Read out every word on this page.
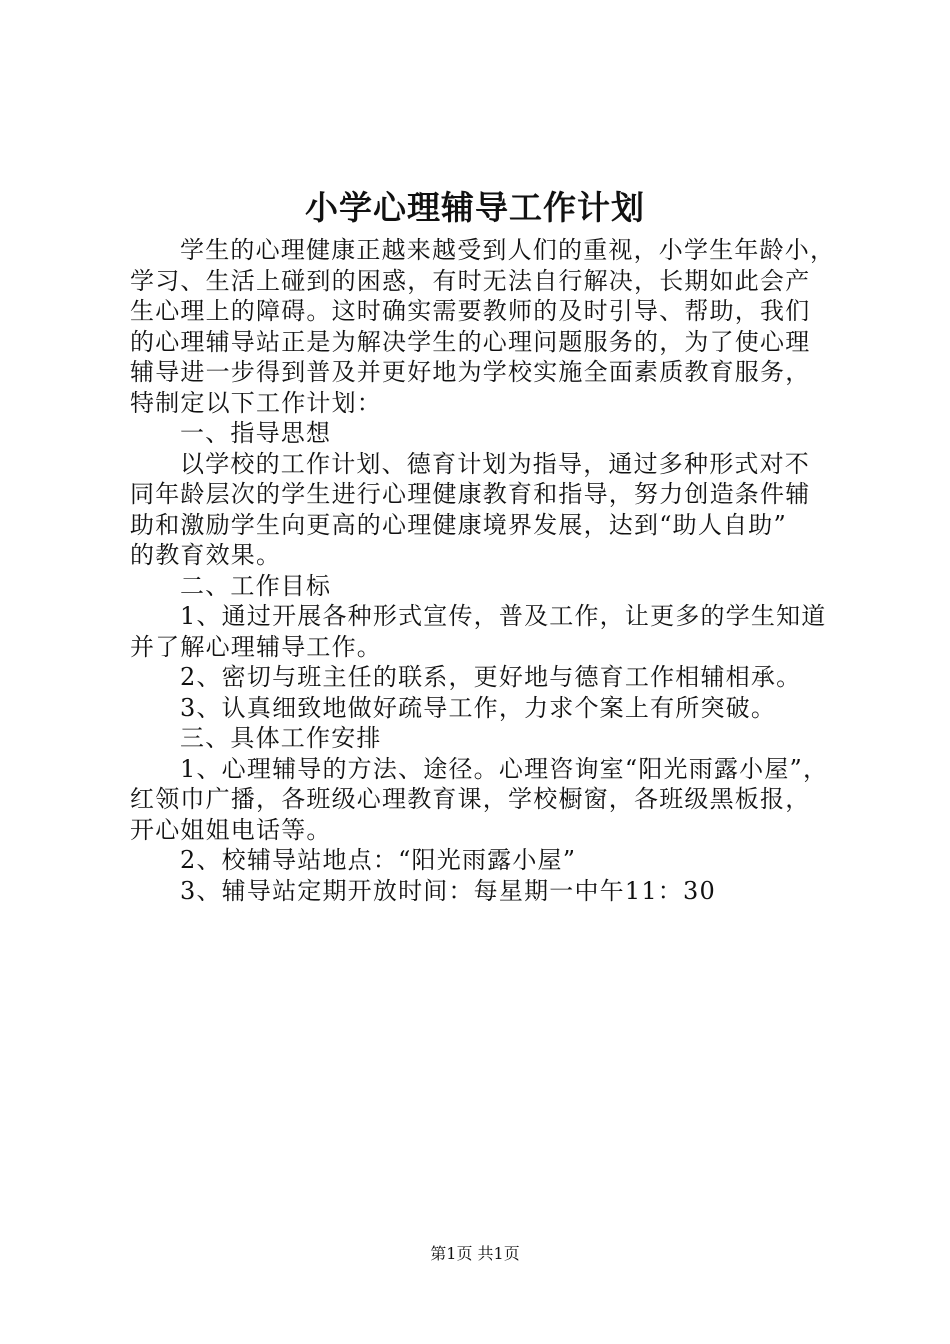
小学心理辅导工作计划
学生的心理健康正越来越受到人们的重视，小学生年龄小，
学习、生活上碰到的困惑，有时无法自行解决，长期如此会产
生心理上的障碍。这时确实需要教师的及时引导、帮助，我们
的心理辅导站正是为解决学生的心理问题服务的，为了使心理
辅导进一步得到普及并更好地为学校实施全面素质教育服务，
特制定以下工作计划：
一、指导思想
以学校的工作计划、德育计划为指导，通过多种形式对不
同年龄层次的学生进行心理健康教育和指导，努力创造条件辅
助和激励学生向更高的心理健康境界发展，达到“助人自助”
的教育效果。
二、工作目标
1、通过开展各种形式宣传，普及工作，让更多的学生知道
并了解心理辅导工作。
2、密切与班主任的联系，更好地与德育工作相辅相承。
3、认真细致地做好疏导工作，力求个案上有所突破。
三、具体工作安排
1、心理辅导的方法、途径。心理咨询室“阳光雨露小屋”，
红领巾广播，各班级心理教育课，学校橱窗，各班级黑板报，
开心姐姐电话等。
2、校辅导站地点：“阳光雨露小屋”
3、辅导站定期开放时间：每星期一中午11：30
第1页 共1页
